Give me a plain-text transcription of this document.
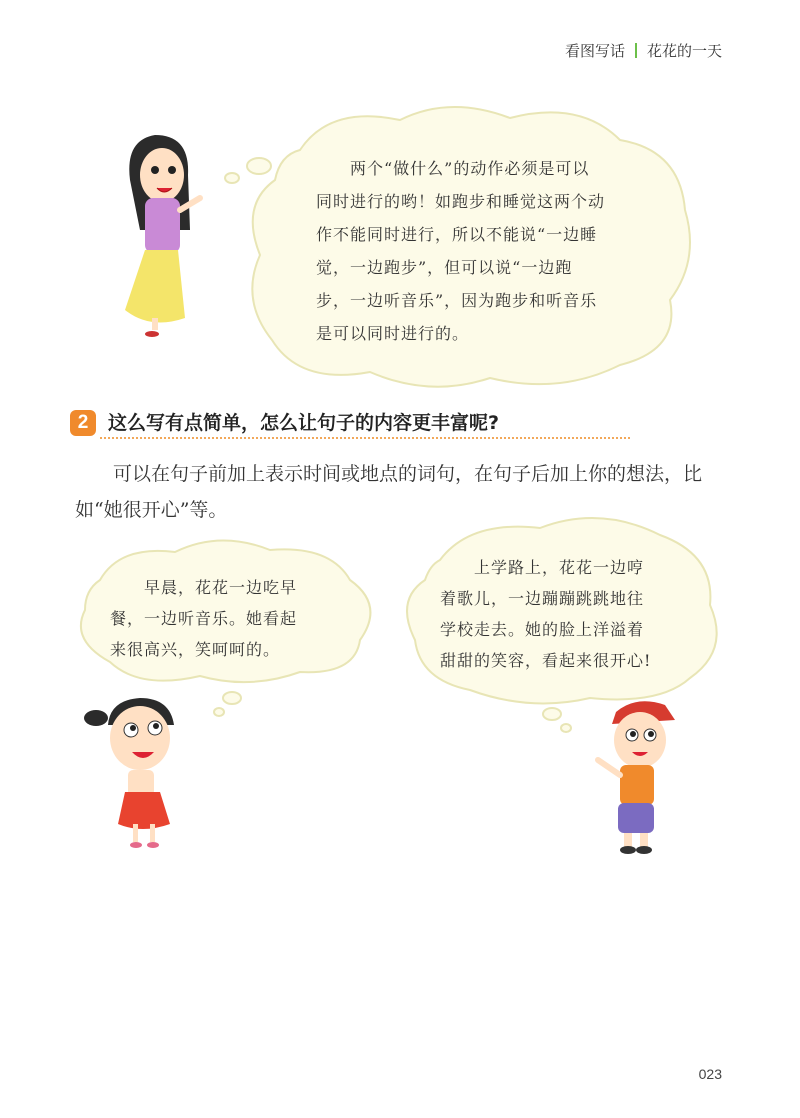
看图写话 花花的一天

两个“做什么”的动作必须是可以
同时进行的哟！如跑步和睡觉这两个动
作不能同时进行，所以不能说“一边睡
觉，一边跑步”，但可以说“一边跑
步，一边听音乐”，因为跑步和听音乐
是可以同时进行的。

2	这么写有点简单，怎么让句子的内容更丰富呢?

可以在句子前加上表示时间或地点的词句，在句子后加上你的想法，比如“她很开心”等。

早晨，花花一边吃早
餐，一边听音乐。她看起
来很高兴，笑呵呵的。

上学路上，花花一边哼
着歌儿，一边蹦蹦跳跳地往
学校走去。她的脸上洋溢着
甜甜的笑容，看起来很开心!

023
